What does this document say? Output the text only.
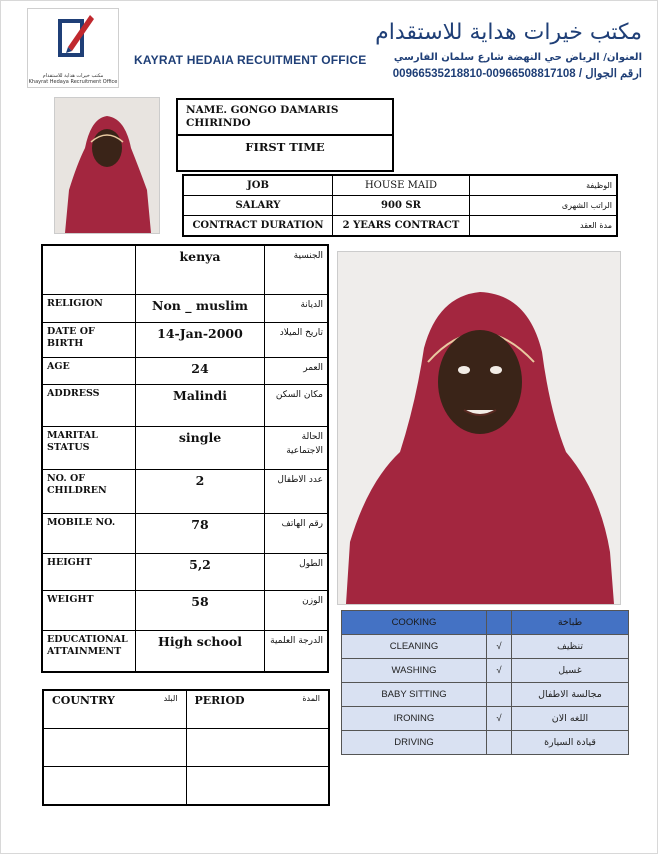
مكتب خيرات هداية للاستقدام
Khayrat Hedaya Recruitment Office
KAYRAT HEDAIA RECUITMENT OFFICE
مكتب خيرات هداية للاستقدام
العنوان/ الرياض حي النهضة شارع سلمان الفارسي
00966535218810-00966508817108 / ارقم الجوال
NAME. GONGO DAMARIS CHIRINDO
FIRST TIME
JOB	HOUSE MAID	الوظيفة
SALARY	900 SR	الراتب الشهرى
CONTRACT DURATION	2 YEARS CONTRACT	مدة العقد
	kenya	الجنسية
RELIGION	Non _ muslim	الديانة
DATE OF BIRTH	14-Jan-2000	تاريخ الميلاد
AGE	24	العمر
ADDRESS	Malindi	مكان السكن
MARITAL STATUS	single	الحالة الاجتماعية
NO. OF CHILDREN	2	عدد الاطفال
MOBILE NO.	78	رقم الهاتف
HEIGHT	5,2	الطول
WEIGHT	58	الوزن
EDUCATIONAL ATTAINMENT	High school	الدرجة العلمية
COOKING		طباخة
CLEANING	√	تنظيف
WASHING	√	غسيل
BABY SITTING		مجالسة الاطفال
IRONING	√	اللغه الان
DRIVING		قيادة السيارة
COUNTRY البلد	PERIOD المدة
